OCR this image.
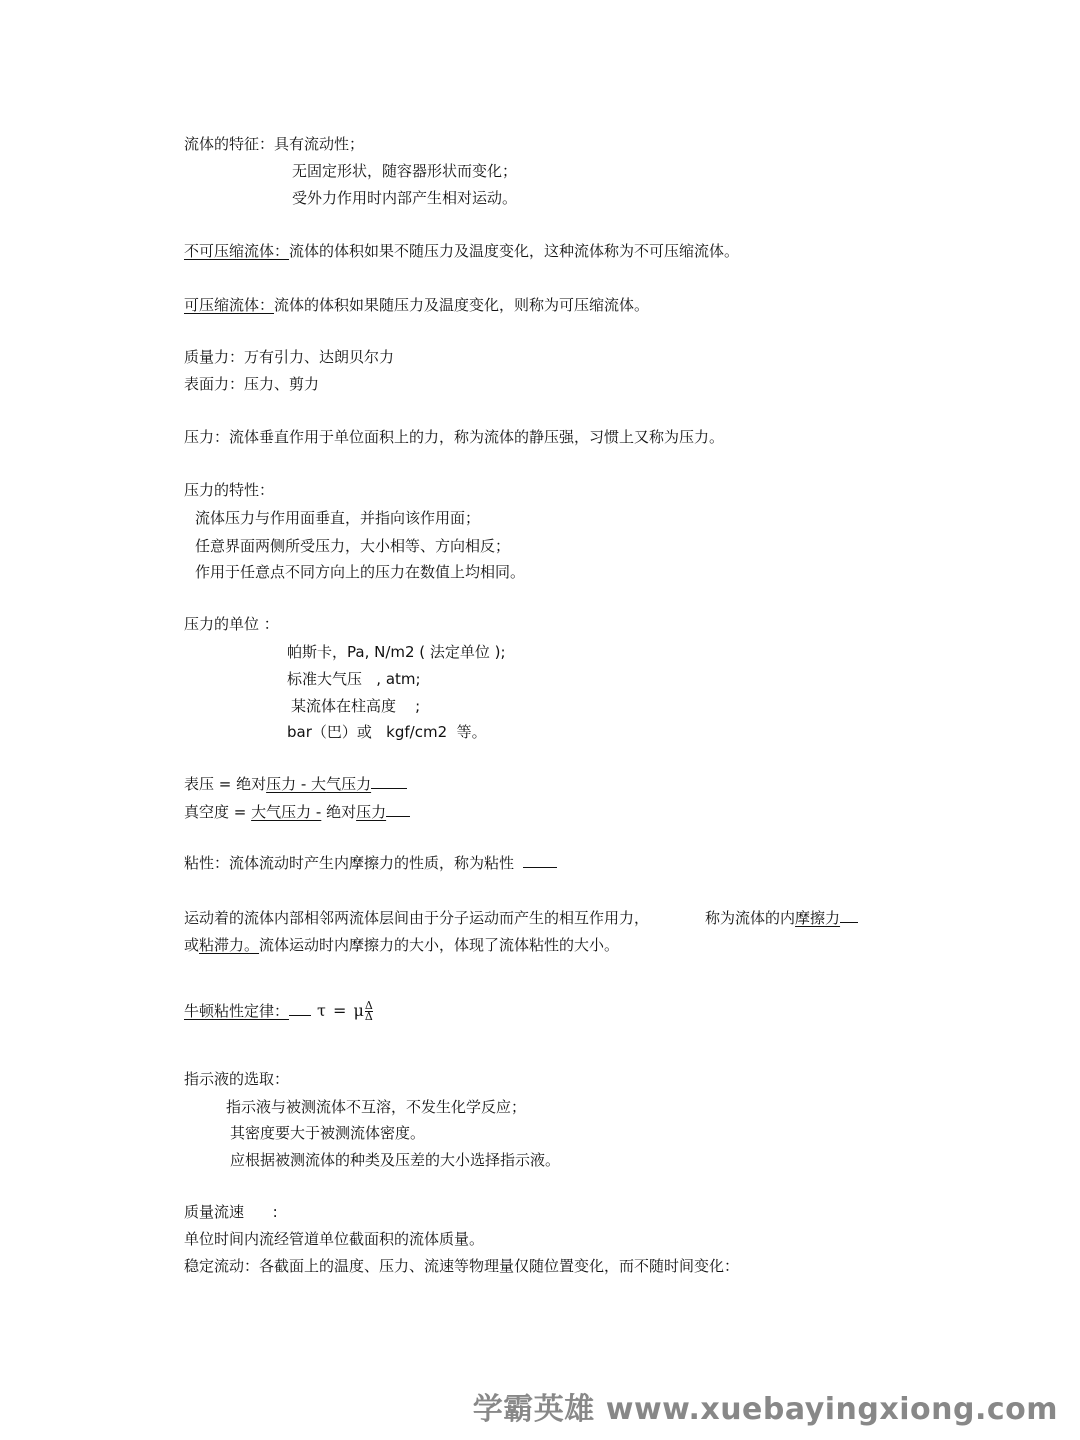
流体的特征：具有流动性；
无固定形状，随容器形状而变化；
受外力作用时内部产生相对运动。
不可压缩流体：流体的体积如果不随压力及温度变化，这种流体称为不可压缩流体。
可压缩流体：流体的体积如果随压力及温度变化，则称为可压缩流体。
质量力：万有引力、达朗贝尔力
表面力：压力、剪力
压力：流体垂直作用于单位面积上的力，称为流体的静压强，习惯上又称为压力。
压力的特性：
流体压力与作用面垂直，并指向该作用面；
任意界面两侧所受压力，大小相等、方向相反；
作用于任意点不同方向上的压力在数值上均相同。
压力的单位 ：
帕斯卡，Pa, N/m2 ( 法定单位 );
标准大气压   , atm;
某流体在柱高度    ;
bar（巴）或   kgf/cm2  等。
表压 = 绝对压力 - 大气压力
真空度 = 大气压力 - 绝对压力
粘性：流体流动时产生内摩擦力的性质，称为粘性
运动着的流体内部相邻两流体层间由于分子运动而产生的相互作用力，	称为流体的内摩擦力
或粘滞力。流体运动时内摩擦力的大小，体现了流体粘性的大小。
牛顿粘性定律： τ = μ $\frac{\Delta}{\Delta}$
指示液的选取：
指示液与被测流体不互溶，不发生化学反应；
其密度要大于被测流体密度。
应根据被测流体的种类及压差的大小选择指示液。
质量流速      :
单位时间内流经管道单位截面积的流体质量。
稳定流动：各截面上的温度、压力、流速等物理量仅随位置变化，而不随时间变化：
学霸英雄 www.xuebayingxiong.com
